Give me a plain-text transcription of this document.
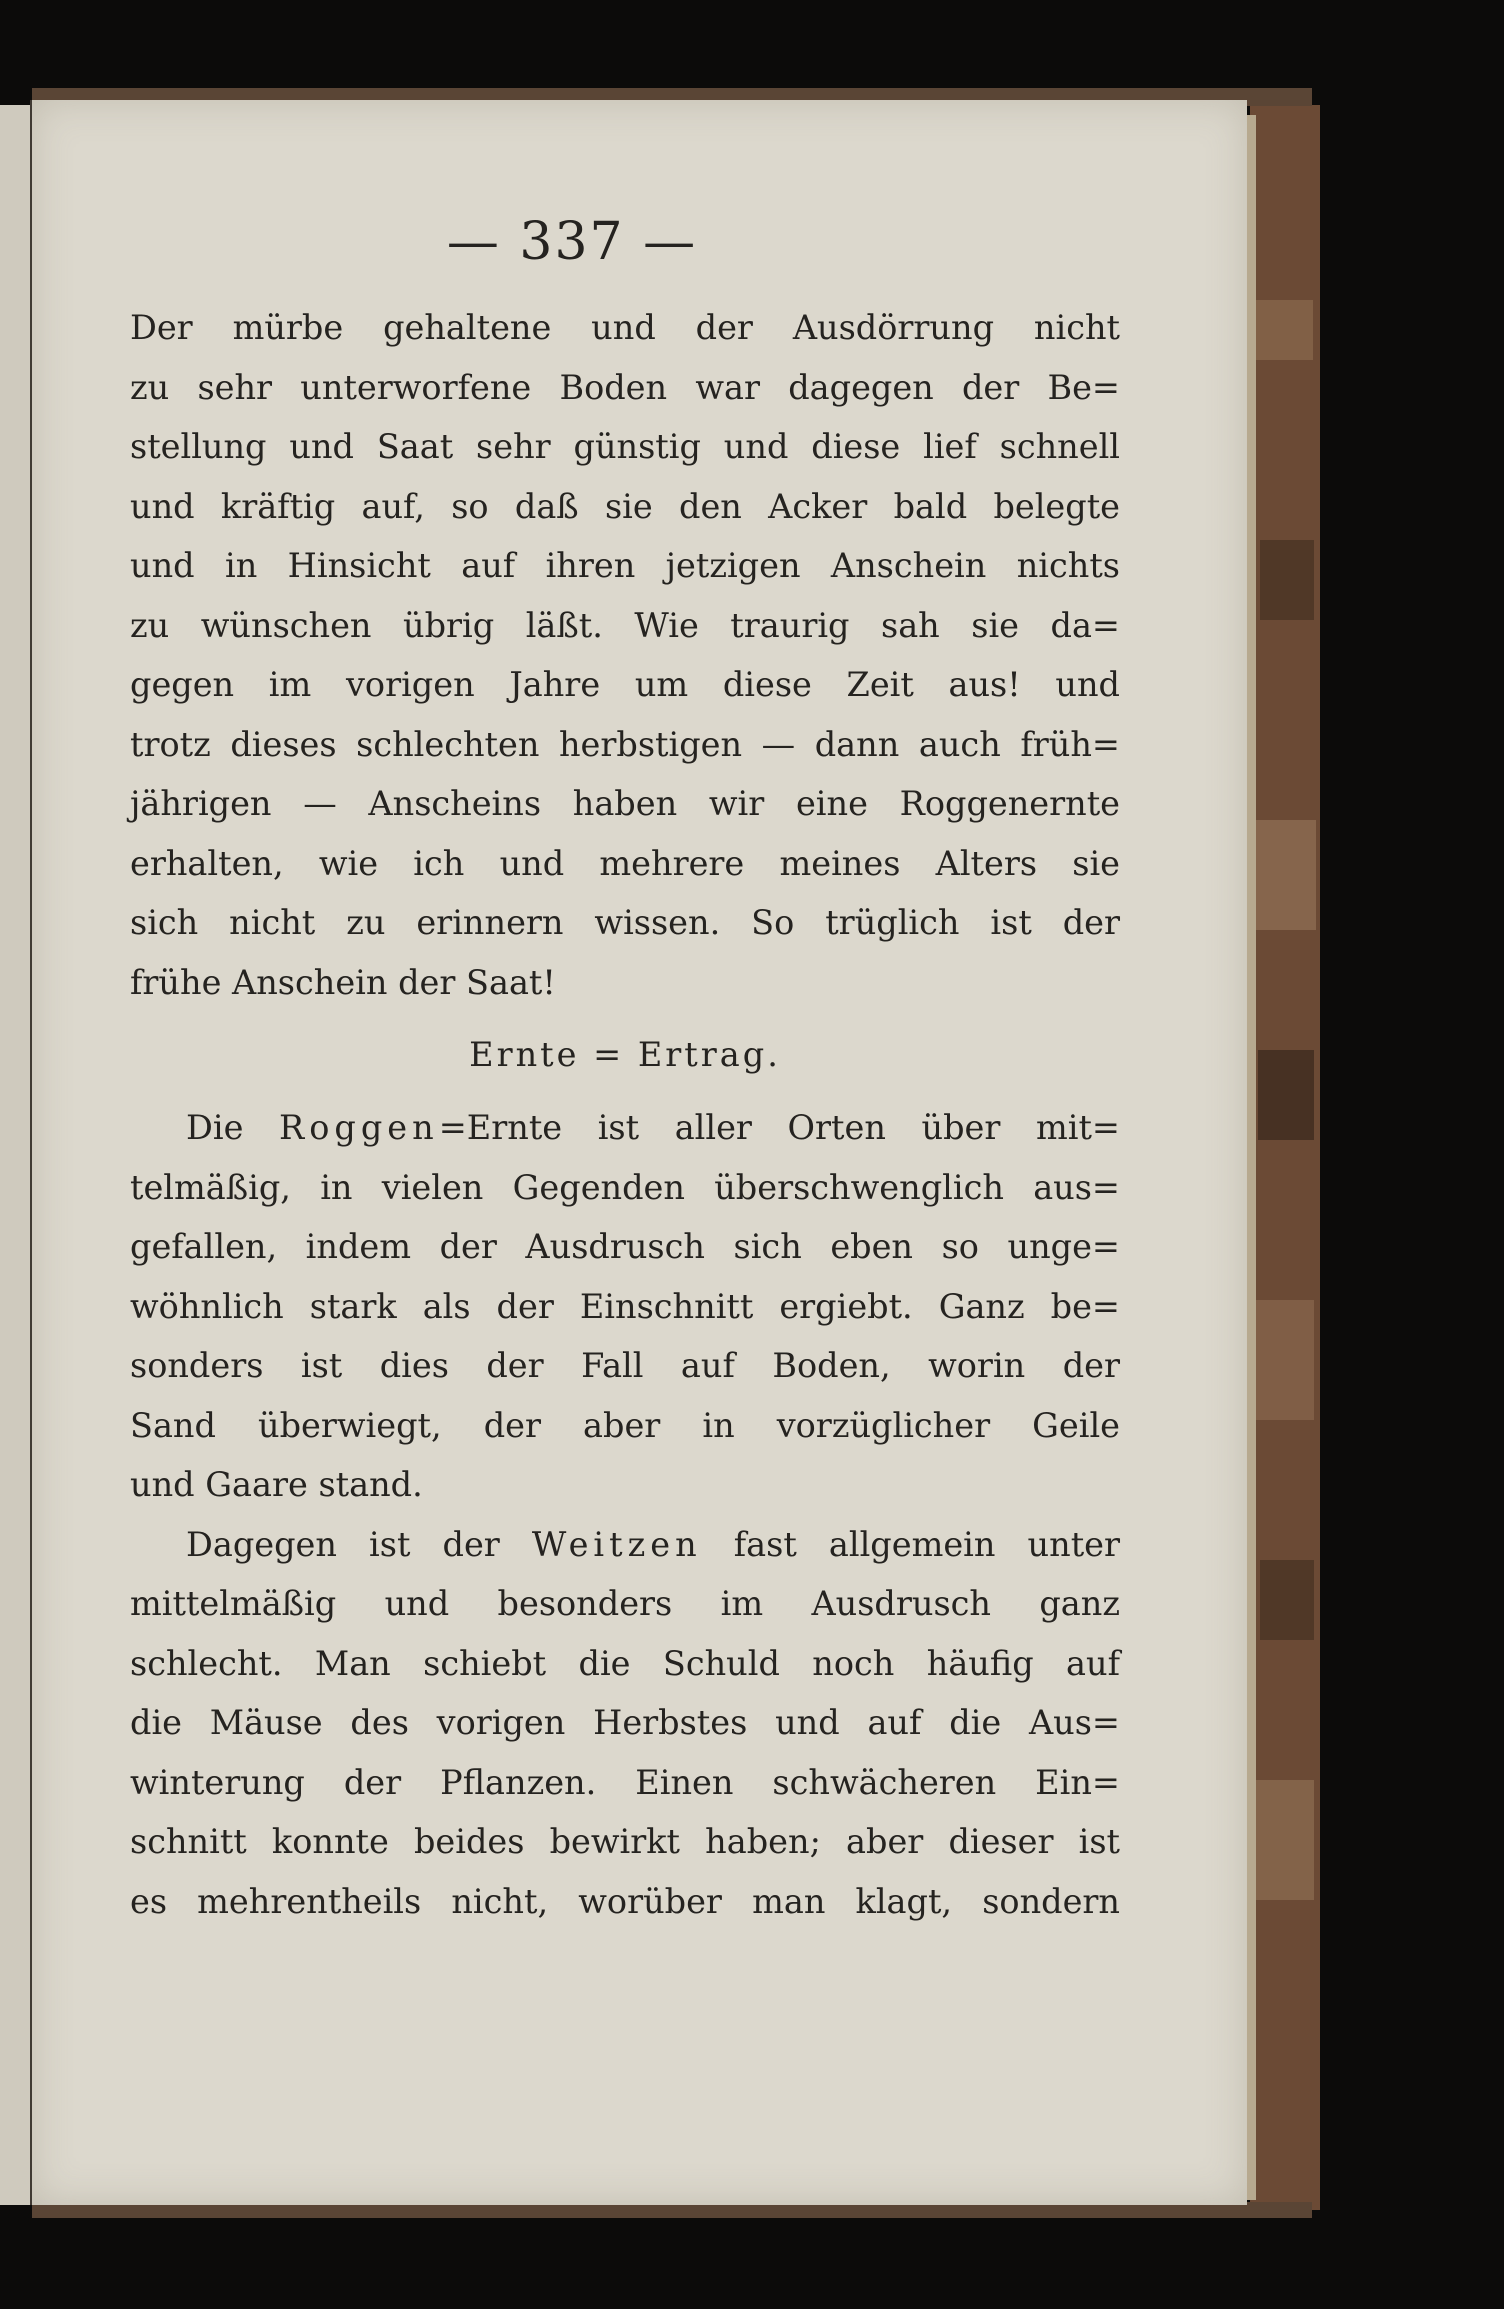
— 337 —
Der mürbe gehaltene und der Ausdörrung nicht
zu sehr unterworfene Boden war dagegen der Be=
stellung und Saat sehr günstig und diese lief schnell
und kräftig auf, so daß sie den Acker bald belegte
und in Hinsicht auf ihren jetzigen Anschein nichts
zu wünschen übrig läßt. Wie traurig sah sie da=
gegen im vorigen Jahre um diese Zeit aus! und
trotz dieses schlechten herbstigen — dann auch früh=
jährigen — Anscheins haben wir eine Roggenernte
erhalten, wie ich und mehrere meines Alters sie
sich nicht zu erinnern wissen. So trüglich ist der
frühe Anschein der Saat!
Ernte = Ertrag.
Die Roggen=Ernte ist aller Orten über mit=
telmäßig, in vielen Gegenden überschwenglich aus=
gefallen, indem der Ausdrusch sich eben so unge=
wöhnlich stark als der Einschnitt ergiebt. Ganz be=
sonders ist dies der Fall auf Boden, worin der
Sand überwiegt, der aber in vorzüglicher Geile
und Gaare stand.
Dagegen ist der Weitzen fast allgemein unter
mittelmäßig und besonders im Ausdrusch ganz
schlecht. Man schiebt die Schuld noch häufig auf
die Mäuse des vorigen Herbstes und auf die Aus=
winterung der Pflanzen. Einen schwächeren Ein=
schnitt konnte beides bewirkt haben; aber dieser ist
es mehrentheils nicht, worüber man klagt, sondern
